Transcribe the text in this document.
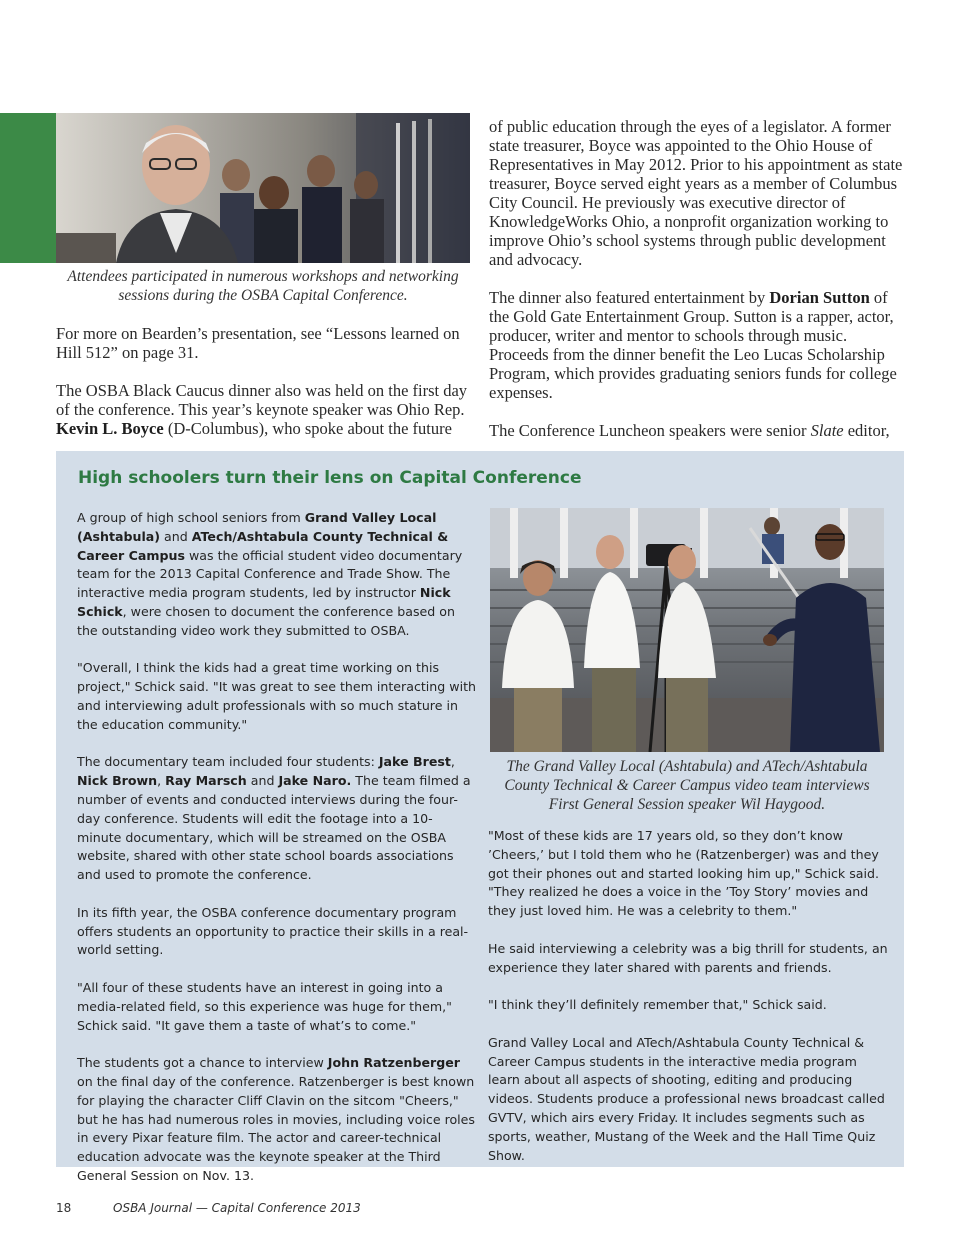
Attendees participated in numerous workshops and networking sessions during the OSBA Capital Conference.

For more on Bearden’s presentation, see “Lessons learned on Hill 512” on page 31.

The OSBA Black Caucus dinner also was held on the first day of the conference. This year’s keynote speaker was Ohio Rep. Kevin L. Boyce (D-Columbus), who spoke about the future

of public education through the eyes of a legislator. A former state treasurer, Boyce was appointed to the Ohio House of Representatives in May 2012. Prior to his appointment as state treasurer, Boyce served eight years as a member of Columbus City Council. He previously was executive director of KnowledgeWorks Ohio, a nonprofit organization working to improve Ohio’s school systems through public development and advocacy.

The dinner also featured entertainment by Dorian Sutton of the Gold Gate Entertainment Group. Sutton is a rapper, actor, producer, writer and mentor to schools through music. Proceeds from the dinner benefit the Leo Lucas Scholarship Program, which provides graduating seniors funds for college expenses.

The Conference Luncheon speakers were senior Slate editor,

High schoolers turn their lens on Capital Conference

A group of high school seniors from Grand Valley Local (Ashtabula) and ATech/Ashtabula County Technical & Career Campus was the official student video documentary team for the 2013 Capital Conference and Trade Show. The interactive media program students, led by instructor Nick Schick, were chosen to document the conference based on the outstanding video work they submitted to OSBA.

"Overall, I think the kids had a great time working on this project," Schick said. "It was great to see them interacting with and interviewing adult professionals with so much stature in the education community."

The documentary team included four students: Jake Brest, Nick Brown, Ray Marsch and Jake Naro. The team filmed a number of events and conducted interviews during the four-day conference. Students will edit the footage into a 10-minute documentary, which will be streamed on the OSBA website, shared with other state school boards associations and used to promote the conference.

In its fifth year, the OSBA conference documentary program offers students an opportunity to practice their skills in a real-world setting.

"All four of these students have an interest in going into a media-related field, so this experience was huge for them," Schick said. "It gave them a taste of what’s to come."

The students got a chance to interview John Ratzenberger on the final day of the conference. Ratzenberger is best known for playing the character Cliff Clavin on the sitcom "Cheers," but he has had numerous roles in movies, including voice roles in every Pixar feature film. The actor and career-technical education advocate was the keynote speaker at the Third General Session on Nov. 13.

"Most of these kids are 17 years old, so they don’t know ’Cheers,’ but I told them who he (Ratzenberger) was and they got their phones out and started looking him up," Schick said. "They realized he does a voice in the ’Toy Story’ movies and they just loved him. He was a celebrity to them."

He said interviewing a celebrity was a big thrill for students, an experience they later shared with parents and friends.

"I think they’ll definitely remember that," Schick said.

Grand Valley Local and ATech/Ashtabula County Technical & Career Campus students in the interactive media program learn about all aspects of shooting, editing and producing videos. Students produce a professional news broadcast called GVTV, which airs every Friday. It includes segments such as sports, weather, Mustang of the Week and the Hall Time Quiz Show.

The Grand Valley Local (Ashtabula) and ATech/Ashtabula County Technical & Career Campus video team interviews First General Session speaker Wil Haygood.
18	OSBA Journal — Capital Conference 2013
